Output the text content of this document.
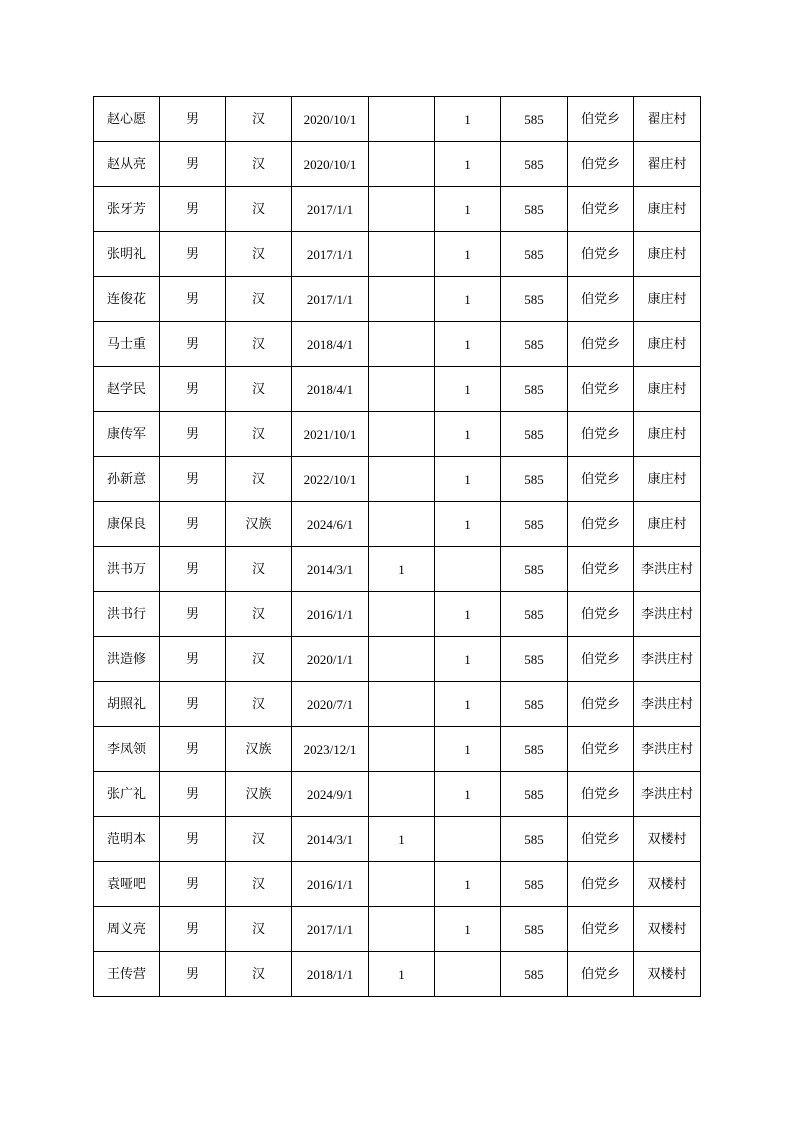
赵心愿	男	汉	2020/10/1		1	585	伯党乡	翟庄村
赵从亮	男	汉	2020/10/1		1	585	伯党乡	翟庄村
张牙芳	男	汉	2017/1/1		1	585	伯党乡	康庄村
张明礼	男	汉	2017/1/1		1	585	伯党乡	康庄村
连俊花	男	汉	2017/1/1		1	585	伯党乡	康庄村
马士重	男	汉	2018/4/1		1	585	伯党乡	康庄村
赵学民	男	汉	2018/4/1		1	585	伯党乡	康庄村
康传军	男	汉	2021/10/1		1	585	伯党乡	康庄村
孙新意	男	汉	2022/10/1		1	585	伯党乡	康庄村
康保良	男	汉族	2024/6/1		1	585	伯党乡	康庄村
洪书万	男	汉	2014/3/1	1		585	伯党乡	李洪庄村
洪书行	男	汉	2016/1/1		1	585	伯党乡	李洪庄村
洪造修	男	汉	2020/1/1		1	585	伯党乡	李洪庄村
胡照礼	男	汉	2020/7/1		1	585	伯党乡	李洪庄村
李凤领	男	汉族	2023/12/1		1	585	伯党乡	李洪庄村
张广礼	男	汉族	2024/9/1		1	585	伯党乡	李洪庄村
范明本	男	汉	2014/3/1	1		585	伯党乡	双楼村
袁哑吧	男	汉	2016/1/1		1	585	伯党乡	双楼村
周义亮	男	汉	2017/1/1		1	585	伯党乡	双楼村
王传营	男	汉	2018/1/1	1		585	伯党乡	双楼村
